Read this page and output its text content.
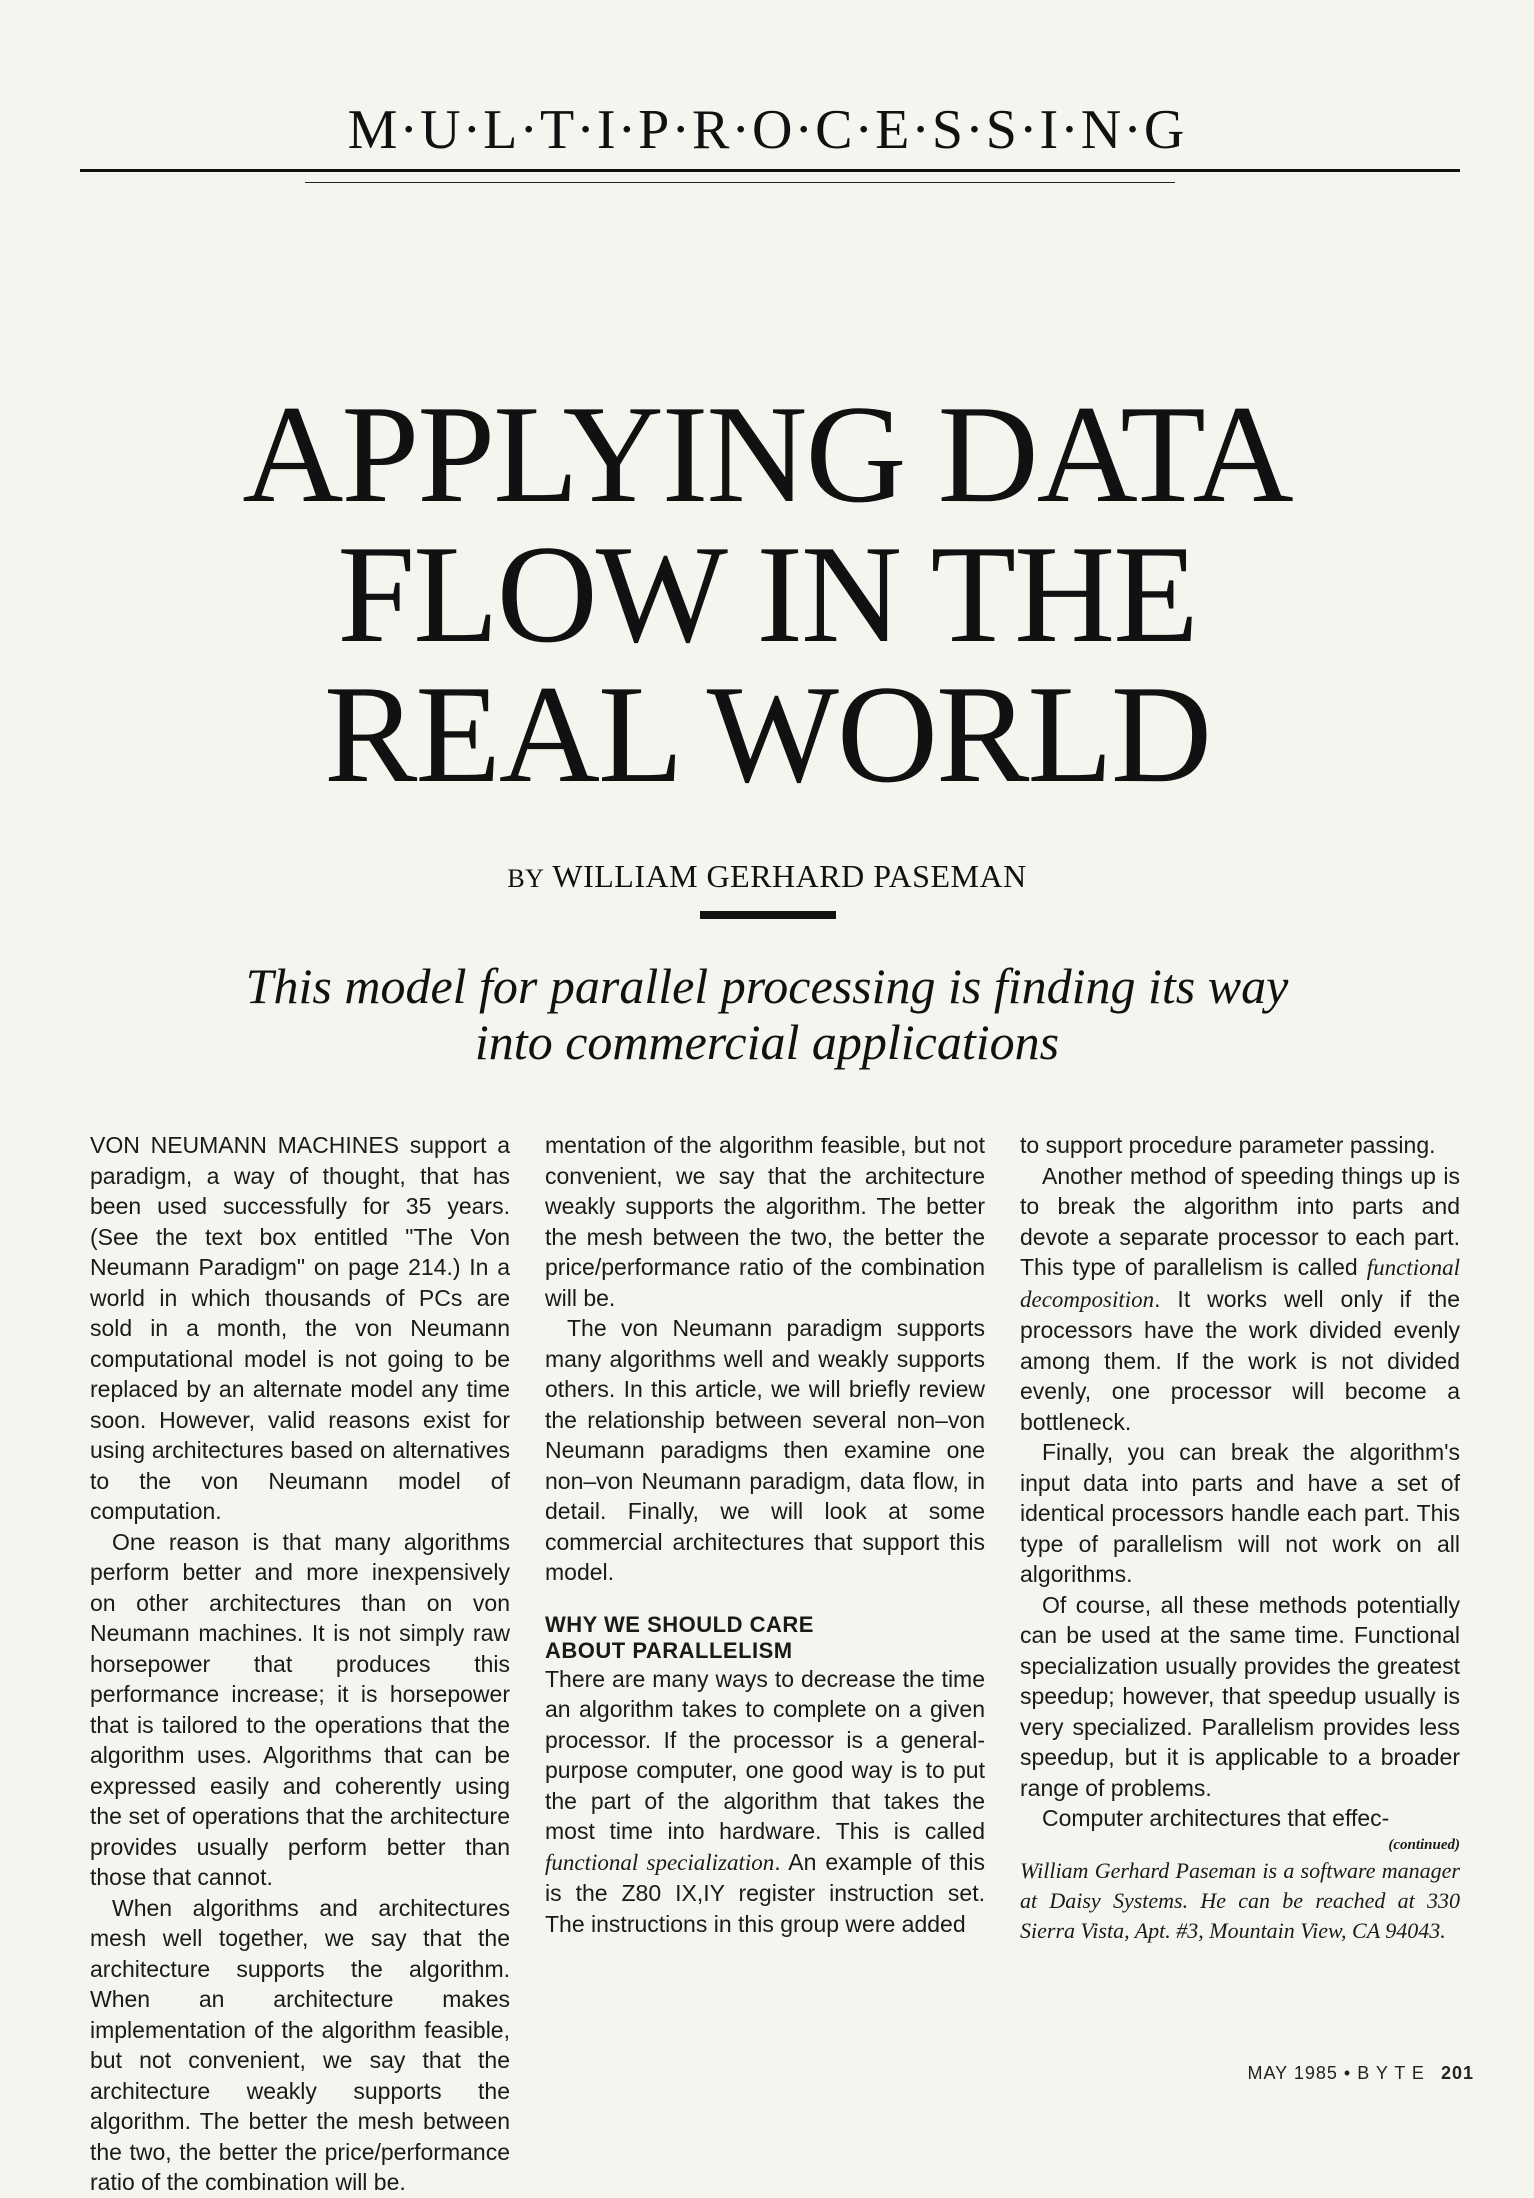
M·U·L·T·I·P·R·O·C·E·S·S·I·N·G
APPLYING DATA
FLOW IN THE
REAL WORLD
BY WILLIAM GERHARD PASEMAN
This model for parallel processing is finding its way
into commercial applications

VON NEUMANN MACHINES support a paradigm, a way of thought, that has been used successfully for 35 years. (See the text box entitled "The Von Neumann Paradigm" on page 214.) In a world in which thousands of PCs are sold in a month, the von Neumann computational model is not going to be replaced by an alternate model any time soon. However, valid reasons exist for using architectures based on alternatives to the von Neumann model of computation.

One reason is that many algorithms perform better and more inexpensively on other architectures than on von Neumann machines. It is not simply raw horsepower that produces this performance increase; it is horsepower that is tailored to the operations that the algorithm uses. Algorithms that can be expressed easily and coherently using the set of operations that the architecture provides usually perform better than those that cannot.

When algorithms and architectures mesh well together, we say that the architecture supports the algorithm. When an architecture makes implementation of the algorithm feasible, but not convenient, we say that the architecture weakly supports the algorithm. The better the mesh between the two, the better the price/performance ratio of the combination will be.

mentation of the algorithm feasible, but not convenient, we say that the architecture weakly supports the algorithm. The better the mesh between the two, the better the price/performance ratio of the combination will be.

The von Neumann paradigm supports many algorithms well and weakly supports others. In this article, we will briefly review the relationship between several non–von Neumann paradigms then examine one non–von Neumann paradigm, data flow, in detail. Finally, we will look at some commercial architectures that support this model.

WHY WE SHOULD CARE
ABOUT PARALLELISM

There are many ways to decrease the time an algorithm takes to complete on a given processor. If the processor is a general-purpose computer, one good way is to put the part of the algorithm that takes the most time into hardware. This is called functional specialization. An example of this is the Z80 IX,IY register instruction set. The instructions in this group were added

to support procedure parameter passing.

Another method of speeding things up is to break the algorithm into parts and devote a separate processor to each part. This type of parallelism is called functional decomposition. It works well only if the processors have the work divided evenly among them. If the work is not divided evenly, one processor will become a bottleneck.

Finally, you can break the algorithm's input data into parts and have a set of identical processors handle each part. This type of parallelism will not work on all algorithms.

Of course, all these methods potentially can be used at the same time. Functional specialization usually provides the greatest speedup; however, that speedup usually is very specialized. Parallelism provides less speedup, but it is applicable to a broader range of problems.

Computer architectures that effec-

(continued)

William Gerhard Paseman is a software manager at Daisy Systems. He can be reached at 330 Sierra Vista, Apt. #3, Mountain View, CA 94043.

MAY 1985 • B Y T E 201
